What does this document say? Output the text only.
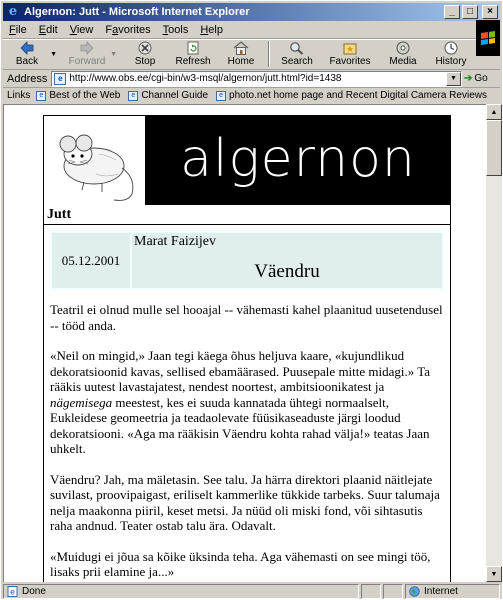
e Algernon: Jutt - Microsoft Internet Explorer	_	□	×
File	Edit	View	Favorites	Tools	Help
Back
▼
Forward
▼
Stop Refresh Home	Search Favorites Media History
Address	e
http://www.obs.ee/cgi-bin/w3-msql/algernon/jutt.html?id=1438	▼ ➔ Go
Links	e Best of the Web	e Channel Guide	e photo.net home page and Recent Digital Camera Reviews
algernon
Jutt
05.12.2001
Marat Faizijev
Väendru

Teatril ei olnud mulle sel hooajal -- vähemasti kahel plaanitud uusetendusel -- tööd anda.

«Neil on mingid,» Jaan tegi käega õhus heljuva kaare, «kujundlikud dekoratsioonid kavas, sellised ebamäärased. Puusepale mitte midagi.» Ta rääkis uutest lavastajatest, nendest noortest, ambitsioonikatest ja nägemisega meestest, kes ei suuda kannatada ühtegi normaalselt, Eukleidese geomeetria ja teadaolevate füüsikaseaduste järgi loodud dekoratsiooni. «Aga ma rääkisin Väendru kohta rahad välja!» teatas Jaan uhkelt.

Väendru? Jah, ma mäletasin. See talu. Ja härra direktori plaanid näitlejate suvilast, proovipaigast, eriliselt kammerlike tükkide tarbeks. Suur talumaja nelja maakonna piiril, keset metsi. Ja nüüd oli miski fond, või sihtasutis raha andnud. Teater ostab talu ära. Odavalt.

«Muidugi ei jõua sa kõike üksinda teha. Aga vähemasti on see mingi töö, lisaks prii elamine ja...»

▲
▼
e Done	Internet
